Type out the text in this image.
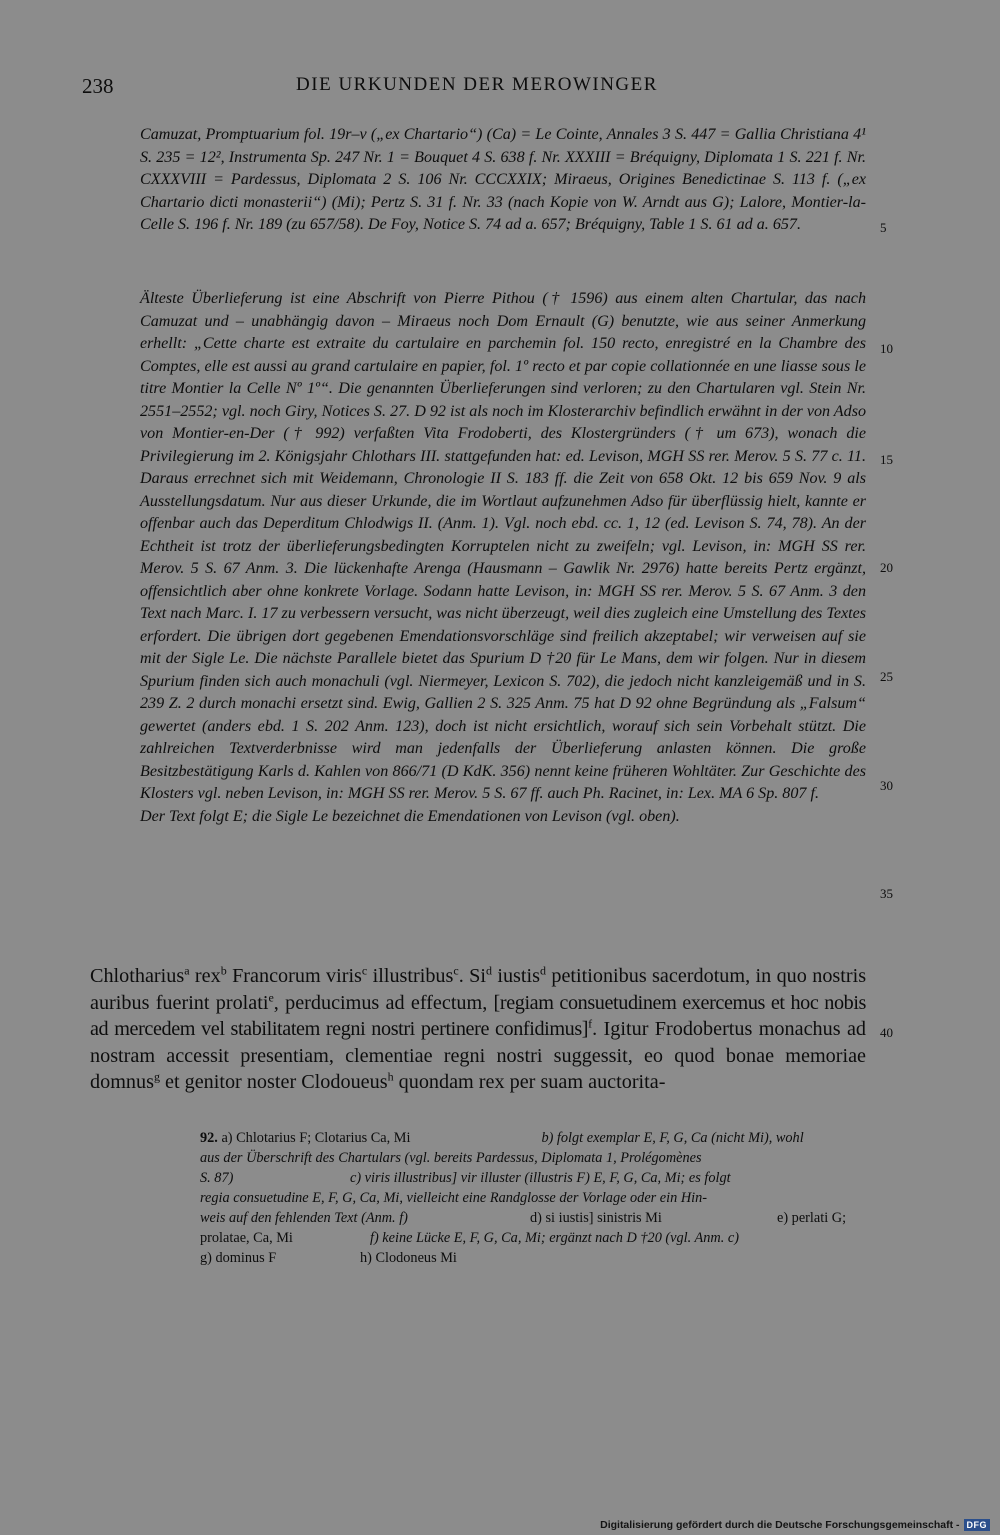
238	DIE URKUNDEN DER MEROWINGER

Camuzat, Promptuarium fol. 19r–v („ex Chartario“) (Ca) = Le Cointe, Annales 3 S. 447 = Gallia Christiana 4¹ S. 235 = 12², Instrumenta Sp. 247 Nr. 1 = Bouquet 4 S. 638 f. Nr. XXXIII = Bréquigny, Diplomata 1 S. 221 f. Nr. CXXXVIII = Pardessus, Diplomata 2 S. 106 Nr. CCCXXIX; Miraeus, Origines Benedictinae S. 113 f. („ex Chartario dicti monasterii“) (Mi); Pertz S. 31 f. Nr. 33 (nach Kopie von W. Arndt aus G); Lalore, Montier-la-Celle S. 196 f. Nr. 189 (zu 657/58). De Foy, Notice S. 74 ad a. 657; Bréquigny, Table 1 S. 61 ad a. 657.

Älteste Überlieferung ist eine Abschrift von Pierre Pithou († 1596) aus einem alten Chartular, das nach Camuzat und – unabhängig davon – Miraeus noch Dom Ernault (G) benutzte, wie aus seiner Anmerkung erhellt: „Cette charte est extraite du cartulaire en parchemin fol. 150 recto, enregistré en la Chambre des Comptes, elle est aussi au grand cartulaire en papier, fol. 1º recto et par copie collationnée en une liasse sous le titre Montier la Celle Nº 1º“. Die genannten Überlieferungen sind verloren; zu den Chartularen vgl. Stein Nr. 2551–2552; vgl. noch Giry, Notices S. 27. D 92 ist als noch im Klosterarchiv befindlich erwähnt in der von Adso von Montier-en-Der († 992) verfaßten Vita Frodoberti, des Klostergründers († um 673), wonach die Privilegierung im 2. Königsjahr Chlothars III. stattgefunden hat: ed. Levison, MGH SS rer. Merov. 5 S. 77 c. 11. Daraus errechnet sich mit Weidemann, Chronologie II S. 183 ff. die Zeit von 658 Okt. 12 bis 659 Nov. 9 als Ausstellungsdatum. Nur aus dieser Urkunde, die im Wortlaut aufzunehmen Adso für überflüssig hielt, kannte er offenbar auch das Deperditum Chlodwigs II. (Anm. 1). Vgl. noch ebd. cc. 1, 12 (ed. Levison S. 74, 78). An der Echtheit ist trotz der überlieferungsbedingten Korruptelen nicht zu zweifeln; vgl. Levison, in: MGH SS rer. Merov. 5 S. 67 Anm. 3. Die lückenhafte Arenga (Hausmann – Gawlik Nr. 2976) hatte bereits Pertz ergänzt, offensichtlich aber ohne konkrete Vorlage. Sodann hatte Levison, in: MGH SS rer. Merov. 5 S. 67 Anm. 3 den Text nach Marc. I. 17 zu verbessern versucht, was nicht überzeugt, weil dies zugleich eine Umstellung des Textes erfordert. Die übrigen dort gegebenen Emendationsvorschläge sind freilich akzeptabel; wir verweisen auf sie mit der Sigle Le. Die nächste Parallele bietet das Spurium D †20 für Le Mans, dem wir folgen. Nur in diesem Spurium finden sich auch monachuli (vgl. Niermeyer, Lexicon S. 702), die jedoch nicht kanzleigemäß und in S. 239 Z. 2 durch monachi ersetzt sind. Ewig, Gallien 2 S. 325 Anm. 75 hat D 92 ohne Begründung als „Falsum“ gewertet (anders ebd. 1 S. 202 Anm. 123), doch ist nicht ersichtlich, worauf sich sein Vorbehalt stützt. Die zahlreichen Textverderbnisse wird man jedenfalls der Überlieferung anlasten können. Die große Besitzbestätigung Karls d. Kahlen von 866/71 (D KdK. 356) nennt keine früheren Wohltäter. Zur Geschichte des Klosters vgl. neben Levison, in: MGH SS rer. Merov. 5 S. 67 ff. auch Ph. Racinet, in: Lex. MA 6 Sp. 807 f.

Der Text folgt E; die Sigle Le bezeichnet die Emendationen von Levison (vgl. oben).

5
10
15
20
25
30
35
40
Chlotharius$^a$ rex$^b$ Francorum viris$^c$ illustribus$^c$. Si$^d$ iustis$^d$ petitionibus sacerdotum, in quo nostris auribus fuerint prolati$^e$, perducimus ad effectum, [regiam consuetudinem exercemus et hoc nobis ad mercedem vel stabilitatem regni nostri pertinere confidimus]$^f$. Igitur Frodobertus monachus ad nostram accessit presentiam, clementiae regni nostri suggessit, eo quod bonae memoriae domnus$^g$ et genitor noster Clodoueus$^h$ quondam rex per suam auctorita-
92.
a) Chlotarius F; Clotarius Ca, Mi	b) folgt exemplar E, F, G, Ca (nicht Mi), wohl
aus der Überschrift des Chartulars (vgl. bereits Pardessus, Diplomata 1, Prolégomènes
S. 87)	c) viris illustribus] vir illuster (illustris F) E, F, G, Ca, Mi; es folgt
regia consuetudine E, F, G, Ca, Mi, vielleicht eine Randglosse der Vorlage oder ein Hin-
weis auf den fehlenden Text (Anm. f)	d) si iustis] sinistris Mi	e) perlati G;
prolatae, Ca, Mi	f) keine Lücke E, F, G, Ca, Mi; ergänzt nach D †20 (vgl. Anm. c)
g) dominus F	h) Clodoneus Mi
Digitalisierung gefördert durch die Deutsche Forschungsgemeinschaft - DFG
